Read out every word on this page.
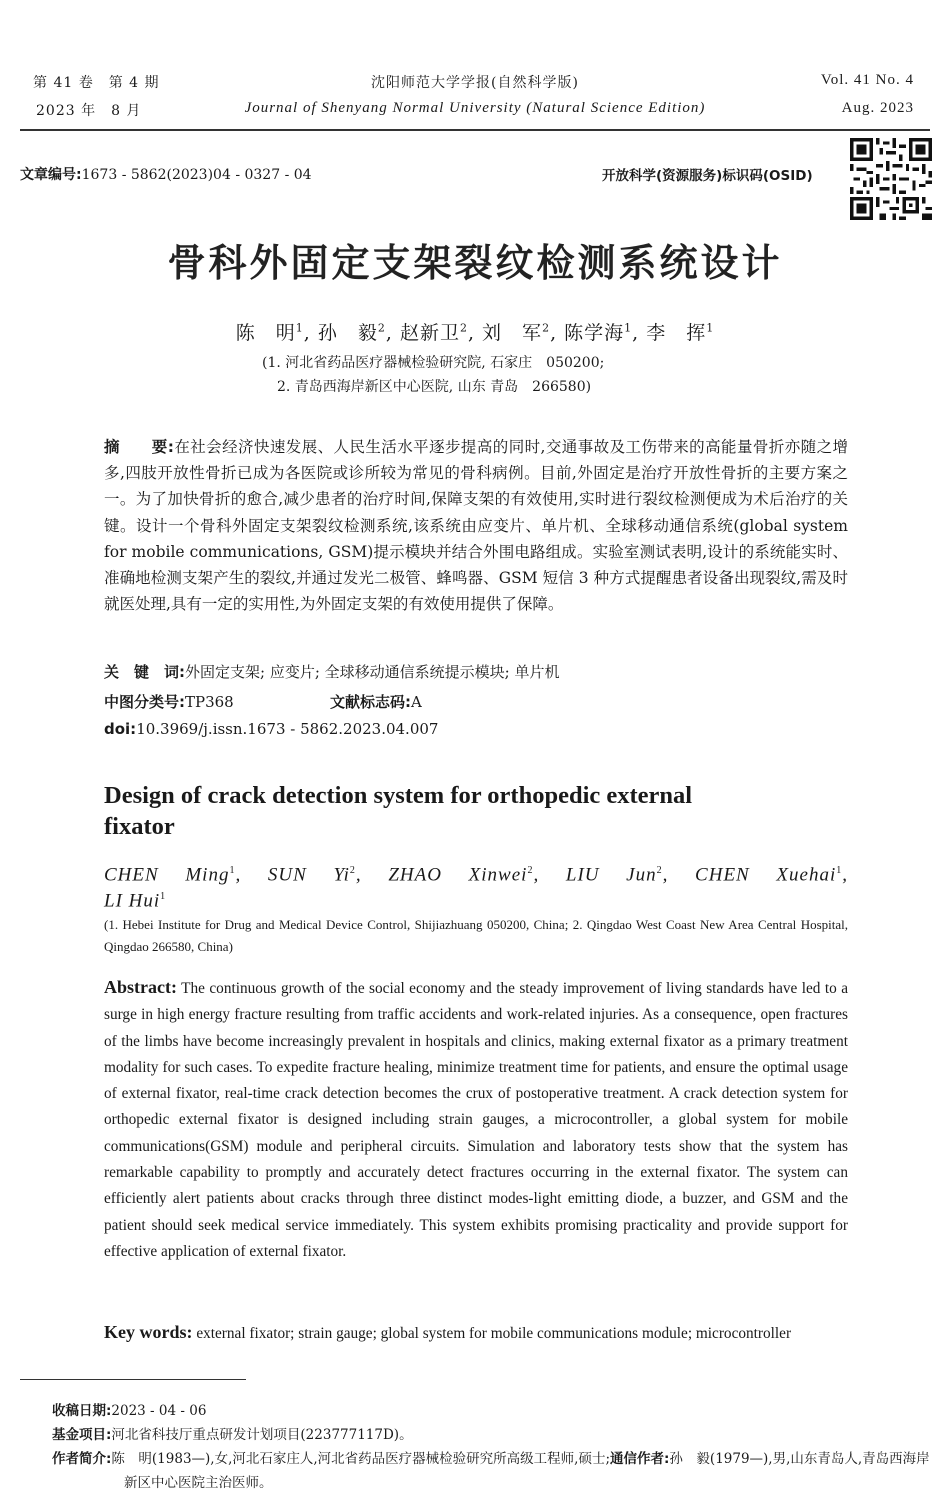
第 41 卷　第 4 期
2023 年　8 月
沈阳师范大学学报(自然科学版)
Journal of Shenyang Normal University (Natural Science Edition)
Vol. 41 No. 4
Aug. 2023
文章编号:1673 - 5862(2023)04 - 0327 - 04	开放科学(资源服务)标识码(OSID)
骨科外固定支架裂纹检测系统设计
陈　明$^1$, 孙　毅$^2$, 赵新卫$^2$, 刘　军$^2$, 陈学海$^1$, 李　挥$^1$
(1. 河北省药品医疗器械检验研究院, 石家庄　050200;
2. 青岛西海岸新区中心医院, 山东 青岛　266580)
摘　　要:在社会经济快速发展、人民生活水平逐步提高的同时,交通事故及工伤带来的高能量骨折亦随之增多,四肢开放性骨折已成为各医院或诊所较为常见的骨科病例。目前,外固定是治疗开放性骨折的主要方案之一。为了加快骨折的愈合,减少患者的治疗时间,保障支架的有效使用,实时进行裂纹检测便成为术后治疗的关键。设计一个骨科外固定支架裂纹检测系统,该系统由应变片、单片机、全球移动通信系统(global system for mobile communications, GSM)提示模块并结合外围电路组成。实验室测试表明,设计的系统能实时、准确地检测支架产生的裂纹,并通过发光二极管、蜂鸣器、GSM 短信 3 种方式提醒患者设备出现裂纹,需及时就医处理,具有一定的实用性,为外固定支架的有效使用提供了保障。
关　键　词:外固定支架; 应变片; 全球移动通信系统提示模块; 单片机
中图分类号:TP368	文献标志码:A
doi:10.3969/j.issn.1673 - 5862.2023.04.007
Design of crack detection system for orthopedic external
fixator
CHEN Ming$^1$, SUN Yi$^2$, ZHAO Xinwei$^2$, LIU Jun$^2$, CHEN Xuehai$^1$,
LI Hui$^1$
(1. Hebei Institute for Drug and Medical Device Control, Shijiazhuang 050200, China; 2. Qingdao West Coast New Area Central Hospital, Qingdao 266580, China)
Abstract: The continuous growth of the social economy and the steady improvement of living standards have led to a surge in high energy fracture resulting from traffic accidents and work-related injuries. As a consequence, open fractures of the limbs have become increasingly prevalent in hospitals and clinics, making external fixator as a primary treatment modality for such cases. To expedite fracture healing, minimize treatment time for patients, and ensure the optimal usage of external fixator, real-time crack detection becomes the crux of postoperative treatment. A crack detection system for orthopedic external fixator is designed including strain gauges, a microcontroller, a global system for mobile communications(GSM) module and peripheral circuits. Simulation and laboratory tests show that the system has remarkable capability to promptly and accurately detect fractures occurring in the external fixator. The system can efficiently alert patients about cracks through three distinct modes-light emitting diode, a buzzer, and GSM and the patient should seek medical service immediately. This system exhibits promising practicality and provide support for effective application of external fixator.
Key words: external fixator; strain gauge; global system for mobile communications module; microcontroller
收稿日期:2023 - 04 - 06
基金项目:河北省科技厅重点研发计划项目(223777117D)。
作者简介:陈　明(1983—),女,河北石家庄人,河北省药品医疗器械检验研究所高级工程师,硕士;通信作者:孙　毅(1979—),男,山东青岛人,青岛西海岸新区中心医院主治医师。
